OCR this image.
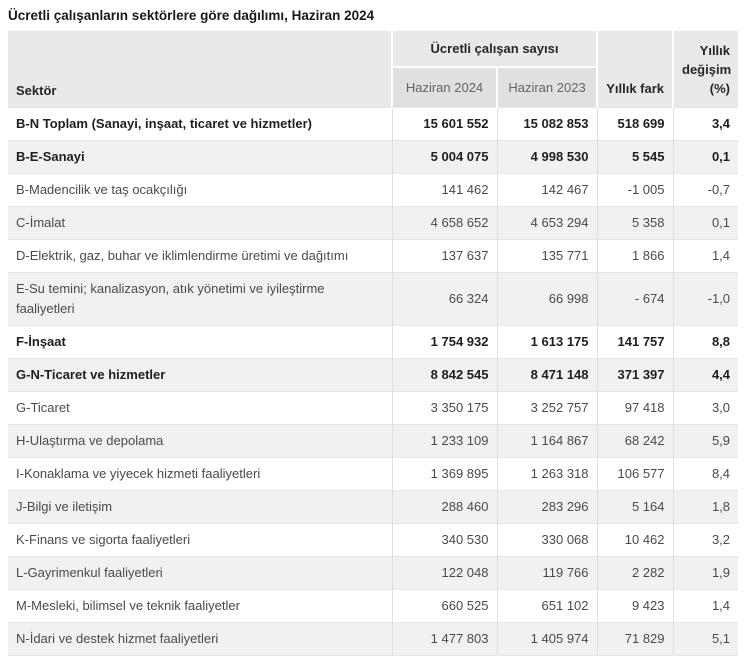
Ücretli çalışanların sektörlere göre dağılımı, Haziran 2024
Sektör	Ücretli çalışan sayısı		Yıllık fark	Yıllık değişim (%)
	Haziran 2024	Haziran 2023		
B-N Toplam (Sanayi, inşaat, ticaret ve hizmetler)	15 601 552	15 082 853	518 699	3,4
B-E-Sanayi	5 004 075	4 998 530	5 545	0,1
B-Madencilik ve taş ocakçılığı	141 462	142 467	-1 005	-0,7
C-İmalat	4 658 652	4 653 294	5 358	0,1
D-Elektrik, gaz, buhar ve iklimlendirme üretimi ve dağıtımı	137 637	135 771	1 866	1,4
E-Su temini; kanalizasyon, atık yönetimi ve iyileştirme faaliyetleri	66 324	66 998	- 674	-1,0
F-İnşaat	1 754 932	1 613 175	141 757	8,8
G-N-Ticaret ve hizmetler	8 842 545	8 471 148	371 397	4,4
G-Ticaret	3 350 175	3 252 757	97 418	3,0
H-Ulaştırma ve depolama	1 233 109	1 164 867	68 242	5,9
I-Konaklama ve yiyecek hizmeti faaliyetleri	1 369 895	1 263 318	106 577	8,4
J-Bilgi ve iletişim	288 460	283 296	5 164	1,8
K-Finans ve sigorta faaliyetleri	340 530	330 068	10 462	3,2
L-Gayrimenkul faaliyetleri	122 048	119 766	2 282	1,9
M-Mesleki, bilimsel ve teknik faaliyetler	660 525	651 102	9 423	1,4
N-İdari ve destek hizmet faaliyetleri	1 477 803	1 405 974	71 829	5,1
